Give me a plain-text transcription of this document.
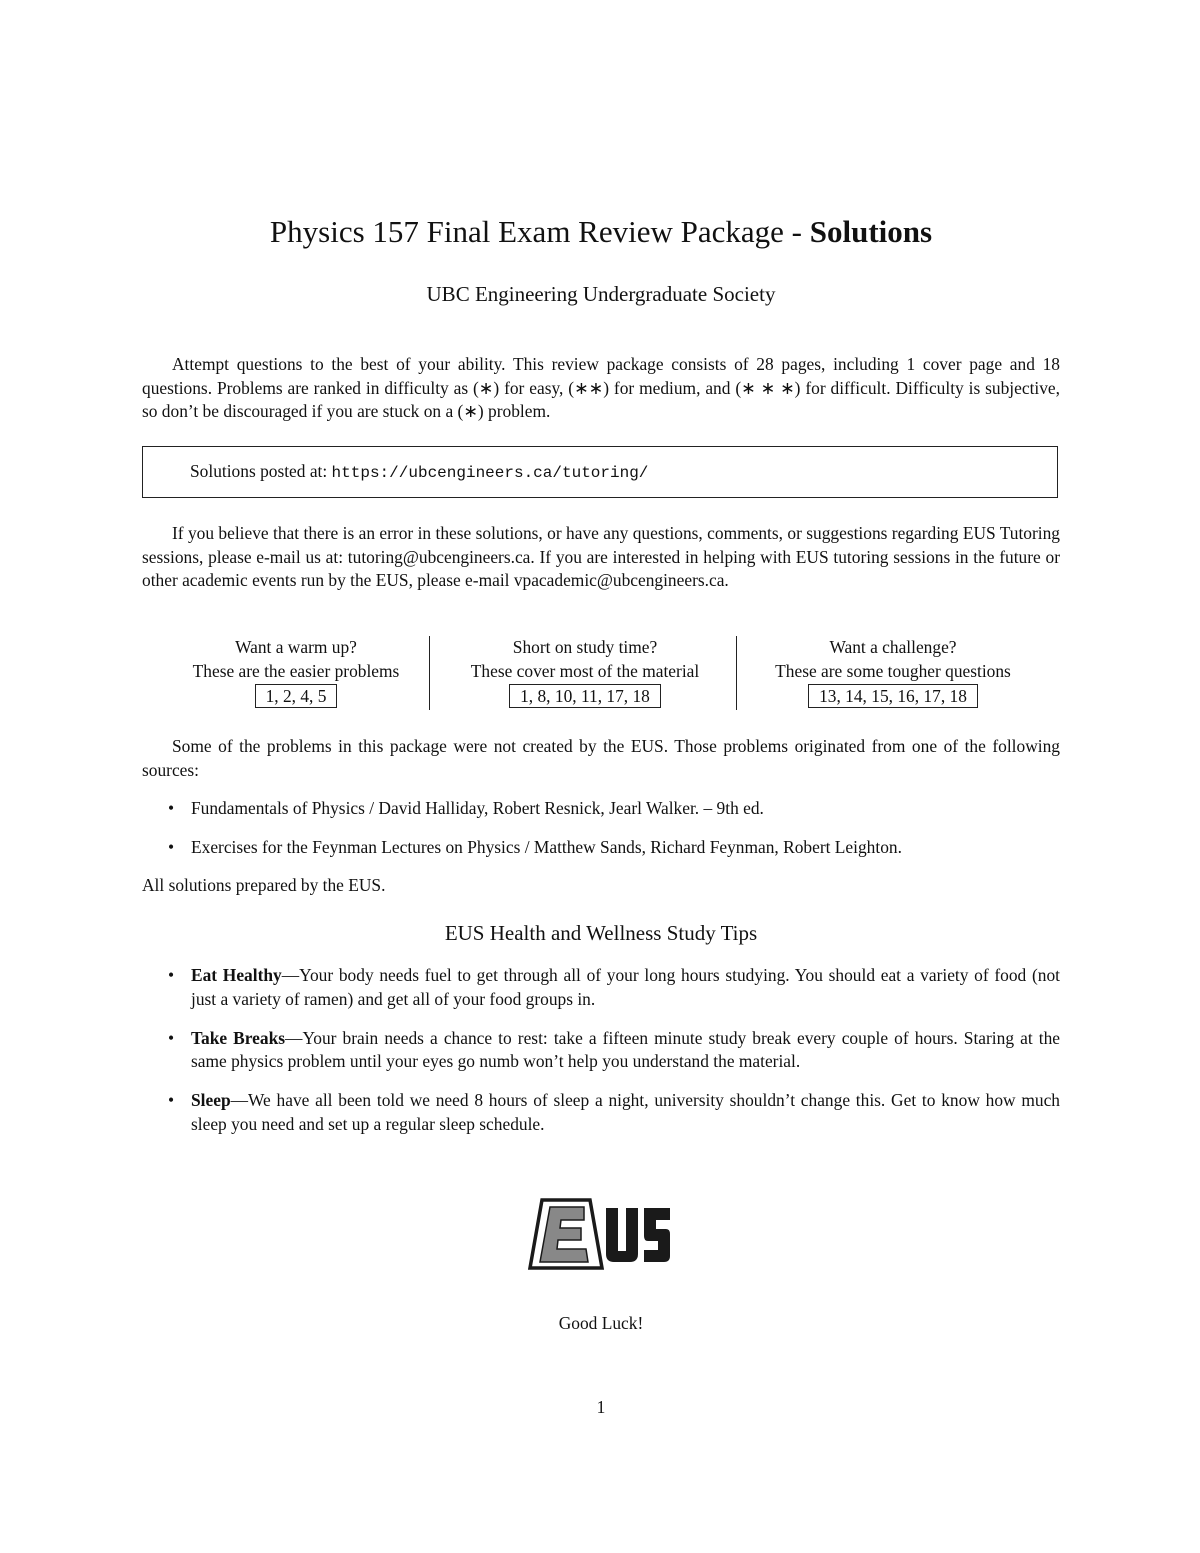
Physics 157 Final Exam Review Package - Solutions
UBC Engineering Undergraduate Society

Attempt questions to the best of your ability. This review package consists of 28 pages, including 1 cover page and 18 questions. Problems are ranked in difficulty as (∗) for easy, (∗∗) for medium, and (∗ ∗ ∗) for difficult. Difficulty is subjective, so don’t be discouraged if you are stuck on a (∗) problem.

Solutions posted at: https://ubcengineers.ca/tutoring/

If you believe that there is an error in these solutions, or have any questions, comments, or suggestions regarding EUS Tutoring sessions, please e-mail us at: tutoring@ubcengineers.ca. If you are interested in helping with EUS tutoring sessions in the future or other academic events run by the EUS, please e-mail vpacademic@ubcengineers.ca.

Want a warm up?
These are the easier problems
1, 2, 4, 5
Short on study time?
These cover most of the material
1, 8, 10, 11, 17, 18
Want a challenge?
These are some tougher questions
13, 14, 15, 16, 17, 18

Some of the problems in this package were not created by the EUS. Those problems originated from one of the following sources:

• Fundamentals of Physics / David Halliday, Robert Resnick, Jearl Walker. – 9th ed.
• Exercises for the Feynman Lectures on Physics / Matthew Sands, Richard Feynman, Robert Leighton.

All solutions prepared by the EUS.

EUS Health and Wellness Study Tips
• Eat Healthy—Your body needs fuel to get through all of your long hours studying. You should eat a variety of food (not just a variety of ramen) and get all of your food groups in.
• Take Breaks—Your brain needs a chance to rest: take a fifteen minute study break every couple of hours. Staring at the same physics problem until your eyes go numb won’t help you understand the material.
• Sleep—We have all been told we need 8 hours of sleep a night, university shouldn’t change this. Get to know how much sleep you need and set up a regular sleep schedule.
Good Luck!
1
